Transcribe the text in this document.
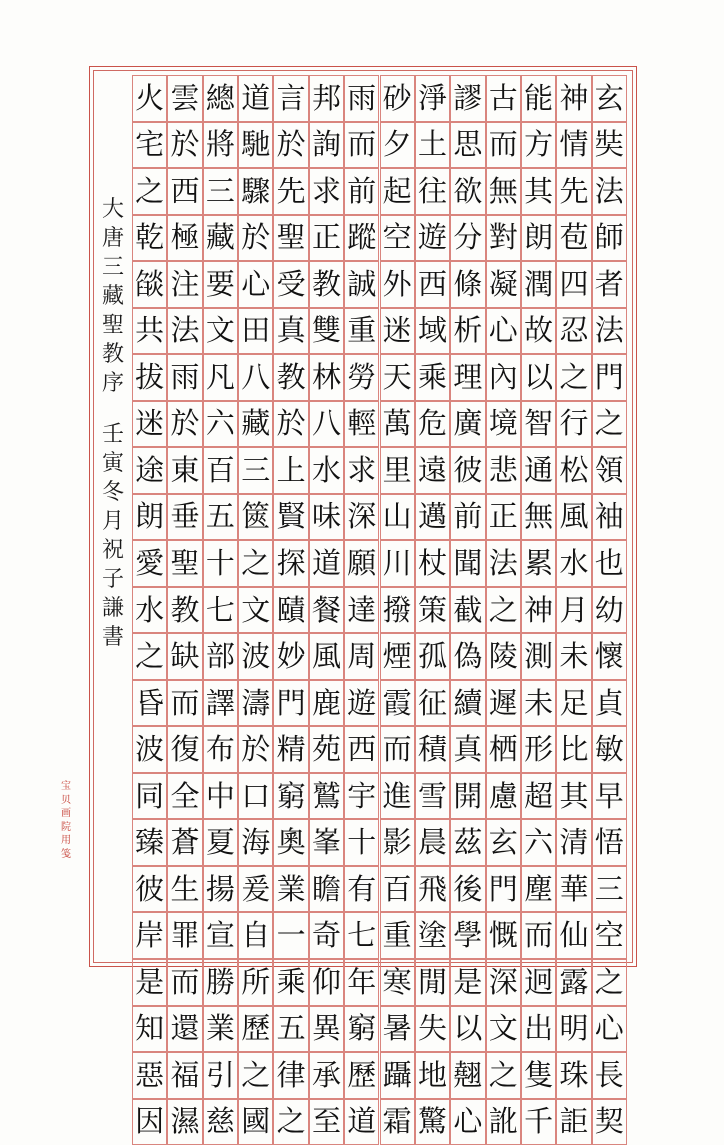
玄
奘
法
師
者
法
門
之
領
袖
也
幼
懷
貞
敏
早
悟
三
空
之
心
長
契
神
情
先
苞
四
忍
之
行
松
風
水
月
未
足
比
其
清
華
仙
露
明
珠
詎
能
方
其
朗
潤
故
以
智
通
無
累
神
測
未
形
超
六
塵
而
迥
出
隻
千
古
而
無
對
凝
心
內
境
悲
正
法
之
陵
遲
栖
慮
玄
門
慨
深
文
之
訛
謬
思
欲
分
條
析
理
廣
彼
前
聞
截
偽
續
真
開
茲
後
學
是
以
翹
心
淨
土
往
遊
西
域
乘
危
遠
邁
杖
策
孤
征
積
雪
晨
飛
塗
閒
失
地
驚
砂
夕
起
空
外
迷
天
萬
里
山
川
撥
煙
霞
而
進
影
百
重
寒
暑
躡
霜
雨
而
前
蹤
誠
重
勞
輕
求
深
願
達
周
遊
西
宇
十
有
七
年
窮
歷
道
邦
詢
求
正
教
雙
林
八
水
味
道
餐
風
鹿
苑
鷲
峯
瞻
奇
仰
異
承
至
言
於
先
聖
受
真
教
於
上
賢
探
賾
妙
門
精
窮
奧
業
一
乘
五
律
之
道
馳
驟
於
心
田
八
藏
三
篋
之
文
波
濤
於
口
海
爰
自
所
歷
之
國
總
將
三
藏
要
文
凡
六
百
五
十
七
部
譯
布
中
夏
揚
宣
勝
業
引
慈
雲
於
西
極
注
法
雨
於
東
垂
聖
教
缺
而
復
全
蒼
生
罪
而
還
福
濕
火
宅
之
乾
燄
共
拔
迷
途
朗
愛
水
之
昏
波
同
臻
彼
岸
是
知
惡
因
大
唐
三
藏
聖
教
序
壬
寅
冬
月
祝
子
謙
書
宝
贝
画
院
用
笺
